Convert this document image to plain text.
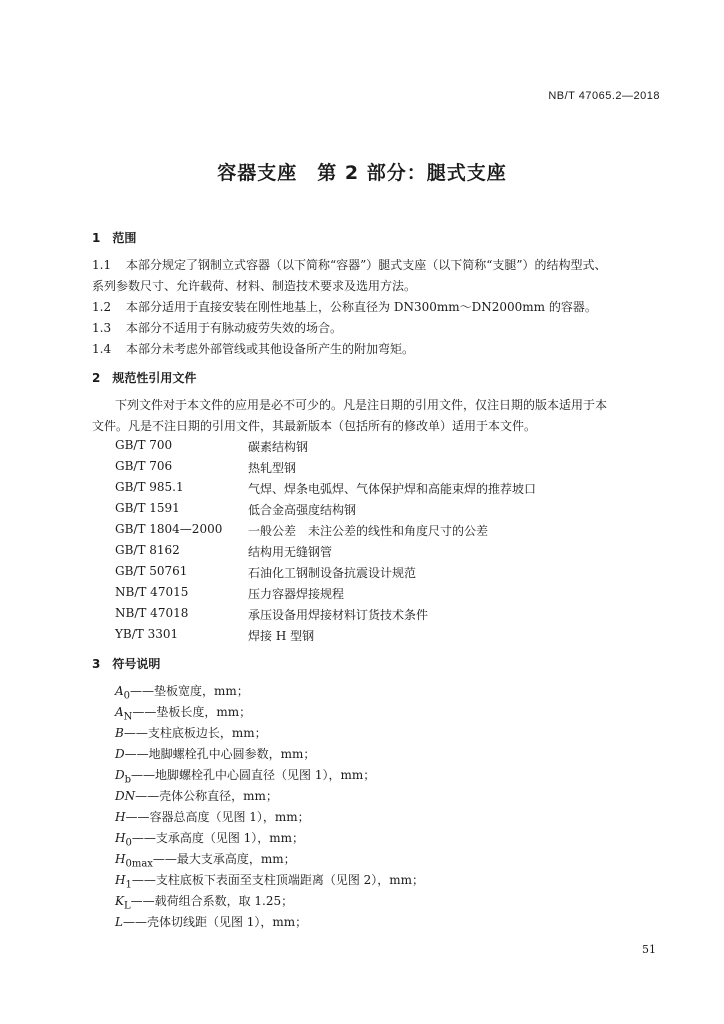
NB/T 47065.2—2018
容器支座　第 2 部分：腿式支座
1　范围
1.1 本部分规定了钢制立式容器（以下简称“容器”）腿式支座（以下简称“支腿”）的结构型式、
系列参数尺寸、允许载荷、材料、制造技术要求及选用方法。
1.2 本部分适用于直接安装在刚性地基上，公称直径为 DN300mm～DN2000mm 的容器。
1.3 本部分不适用于有脉动疲劳失效的场合。
1.4 本部分未考虑外部管线或其他设备所产生的附加弯矩。
2　规范性引用文件
下列文件对于本文件的应用是必不可少的。凡是注日期的引用文件，仅注日期的版本适用于本
文件。凡是不注日期的引用文件，其最新版本（包括所有的修改单）适用于本文件。
GB/T 700	碳素结构钢
GB/T 706	热轧型钢
GB/T 985.1	气焊、焊条电弧焊、气体保护焊和高能束焊的推荐坡口
GB/T 1591	低合金高强度结构钢
GB/T 1804—2000 一般公差　未注公差的线性和角度尺寸的公差
GB/T 8162	结构用无缝钢管
GB/T 50761	石油化工钢制设备抗震设计规范
NB/T 47015	压力容器焊接规程
NB/T 47018	承压设备用焊接材料订货技术条件
YB/T 3301	焊接 H 型钢
3　符号说明
$A_0——$垫板宽度，mm；
$A_N——$垫板长度，mm；
B——支柱底板边长，mm；
D——地脚螺栓孔中心圆参数，mm；
$D_b——$地脚螺栓孔中心圆直径（见图 1），mm；
DN——壳体公称直径，mm；
H——容器总高度（见图 1），mm；
$H_0——$支承高度（见图 1），mm；
$H_{0max}——$最大支承高度，mm；
$H_1——$支柱底板下表面至支柱顶端距离（见图 2），mm；
$K_L——$载荷组合系数，取 1.25；
L——壳体切线距（见图 1），mm；
51
